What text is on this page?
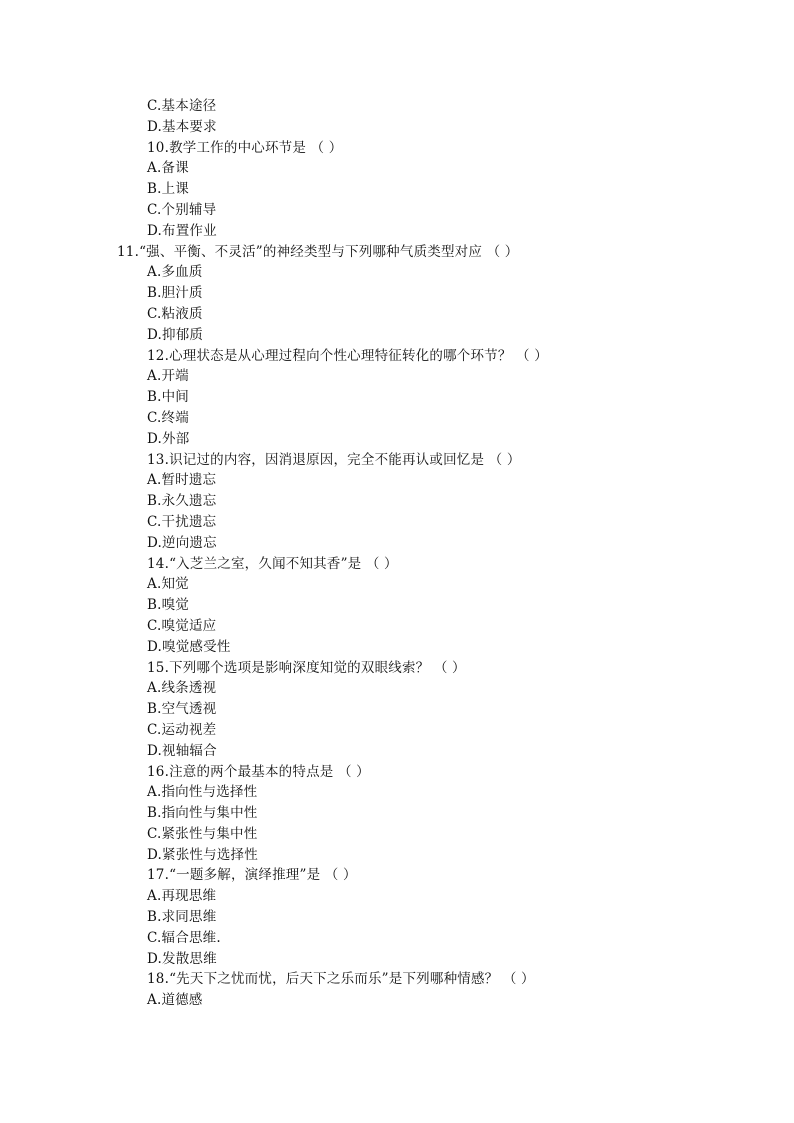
C.基本途径
D.基本要求
10.教学工作的中心环节是 （ ）
A.备课
B.上课
C.个别辅导
D.布置作业
11.“强、平衡、不灵活”的神经类型与下列哪种气质类型对应 （ ）
A.多血质
B.胆汁质
C.粘液质
D.抑郁质
12.心理状态是从心理过程向个性心理特征转化的哪个环节？ （ ）
A.开端
B.中间
C.终端
D.外部
13.识记过的内容，因消退原因，完全不能再认或回忆是 （ ）
A.暂时遗忘
B.永久遗忘
C.干扰遗忘
D.逆向遗忘
14.“入芝兰之室，久闻不知其香”是 （ ）
A.知觉
B.嗅觉
C.嗅觉适应
D.嗅觉感受性
15.下列哪个选项是影响深度知觉的双眼线索？ （ ）
A.线条透视
B.空气透视
C.运动视差
D.视轴辐合
16.注意的两个最基本的特点是 （ ）
A.指向性与选择性
B.指向性与集中性
C.紧张性与集中性
D.紧张性与选择性
17.“一题多解，演绎推理”是 （ ）
A.再现思维
B.求同思维
C.辐合思维.
D.发散思维
18.“先天下之忧而忧，后天下之乐而乐”是下列哪种情感？ （ ）
A.道德感
